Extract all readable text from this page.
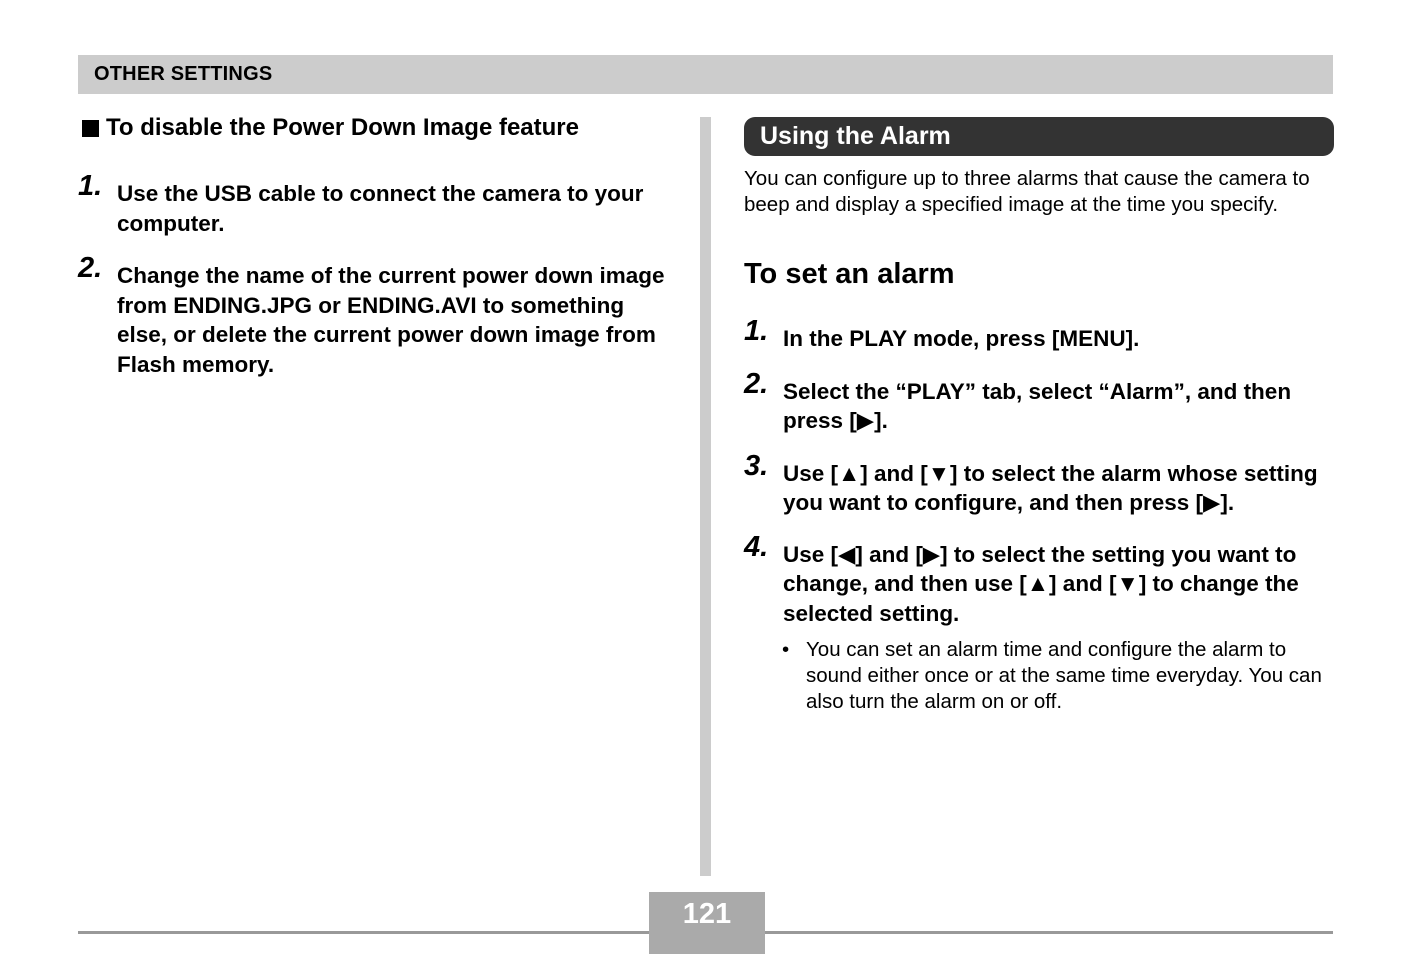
OTHER SETTINGS
To disable the Power Down Image feature
1. Use the USB cable to connect the camera to your computer.
2. Change the name of the current power down image from ENDING.JPG or ENDING.AVI to something else, or delete the current power down image from Flash memory.
Using the Alarm
You can configure up to three alarms that cause the camera to beep and display a specified image at the time you specify.
To set an alarm
1. In the PLAY mode, press [MENU].
2. Select the “PLAY” tab, select “Alarm”, and then press [▶].
3. Use [▲] and [▼] to select the alarm whose setting you want to configure, and then press [▶].
4. Use [◀] and [▶] to select the setting you want to change, and then use [▲] and [▼] to change the selected setting.
• You can set an alarm time and configure the alarm to sound either once or at the same time everyday. You can also turn the alarm on or off.
121
